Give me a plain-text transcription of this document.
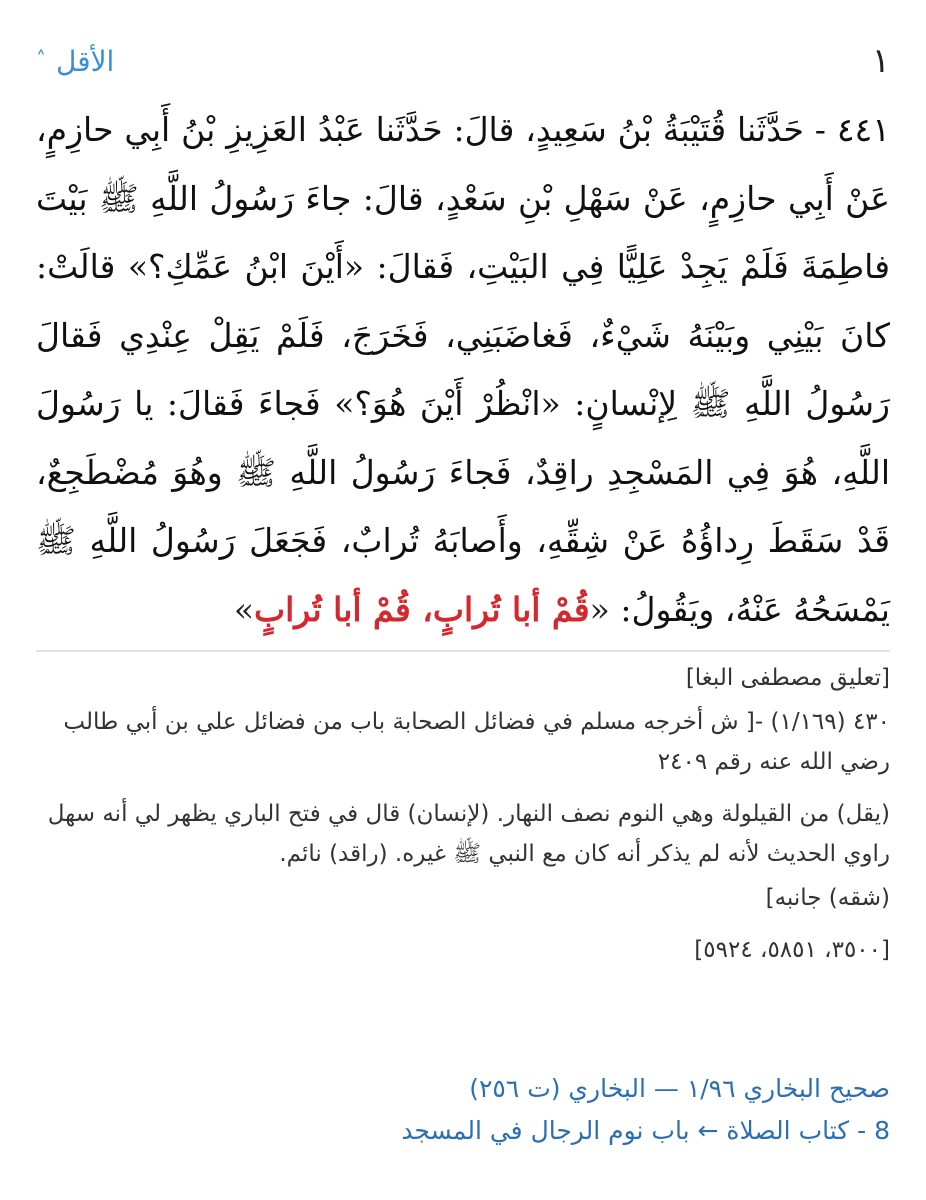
١
الأقل
˄
٤٤١ - حَدَّثَنا قُتَيْبَةُ بْنُ سَعِيدٍ، قالَ: حَدَّثَنا عَبْدُ العَزِيزِ بْنُ أَبِي حازِمٍ، عَنْ أَبِي حازِمٍ، عَنْ سَهْلِ بْنِ سَعْدٍ، قالَ: جاءَ رَسُولُ اللَّهِ ﷺ بَيْتَ فاطِمَةَ فَلَمْ يَجِدْ عَلِيًّا فِي البَيْتِ، فَقالَ: «أَيْنَ ابْنُ عَمِّكِ؟» قالَتْ: كانَ بَيْنِي وبَيْنَهُ شَيْءٌ، فَغاضَبَنِي، فَخَرَجَ، فَلَمْ يَقِلْ عِنْدِي فَقالَ رَسُولُ اللَّهِ ﷺ لِإنْسانٍ: «انْظُرْ أَيْنَ هُوَ؟» فَجاءَ فَقالَ: يا رَسُولَ اللَّهِ، هُوَ فِي المَسْجِدِ راقِدٌ، فَجاءَ رَسُولُ اللَّهِ ﷺ وهُوَ مُضْطَجِعٌ، قَدْ سَقَطَ رِداؤُهُ عَنْ شِقِّهِ، وأَصابَهُ تُرابٌ، فَجَعَلَ رَسُولُ اللَّهِ ﷺ يَمْسَحُهُ عَنْهُ، ويَقُولُ: «قُمْ أبا تُرابٍ، قُمْ أبا تُرابٍ»

[تعليق مصطفى البغا]

٤٣٠ (١/١٦٩) -[ ش أخرجه مسلم في فضائل الصحابة باب من فضائل علي بن أبي طالب رضي الله عنه رقم ٢٤٠٩

(يقل) من القيلولة وهي النوم نصف النهار. (لإنسان) قال في فتح الباري يظهر لي أنه سهل راوي الحديث لأنه لم يذكر أنه كان مع النبي ﷺ غيره. (راقد) نائم.

(شقه) جانبه]

[٣٥٠٠، ٥٨٥١، ٥٩٢٤]

صحيح البخاري ١/٩٦ — البخاري (ت ٢٥٦)
8 - كتاب الصلاة ← باب نوم الرجال في المسجد
